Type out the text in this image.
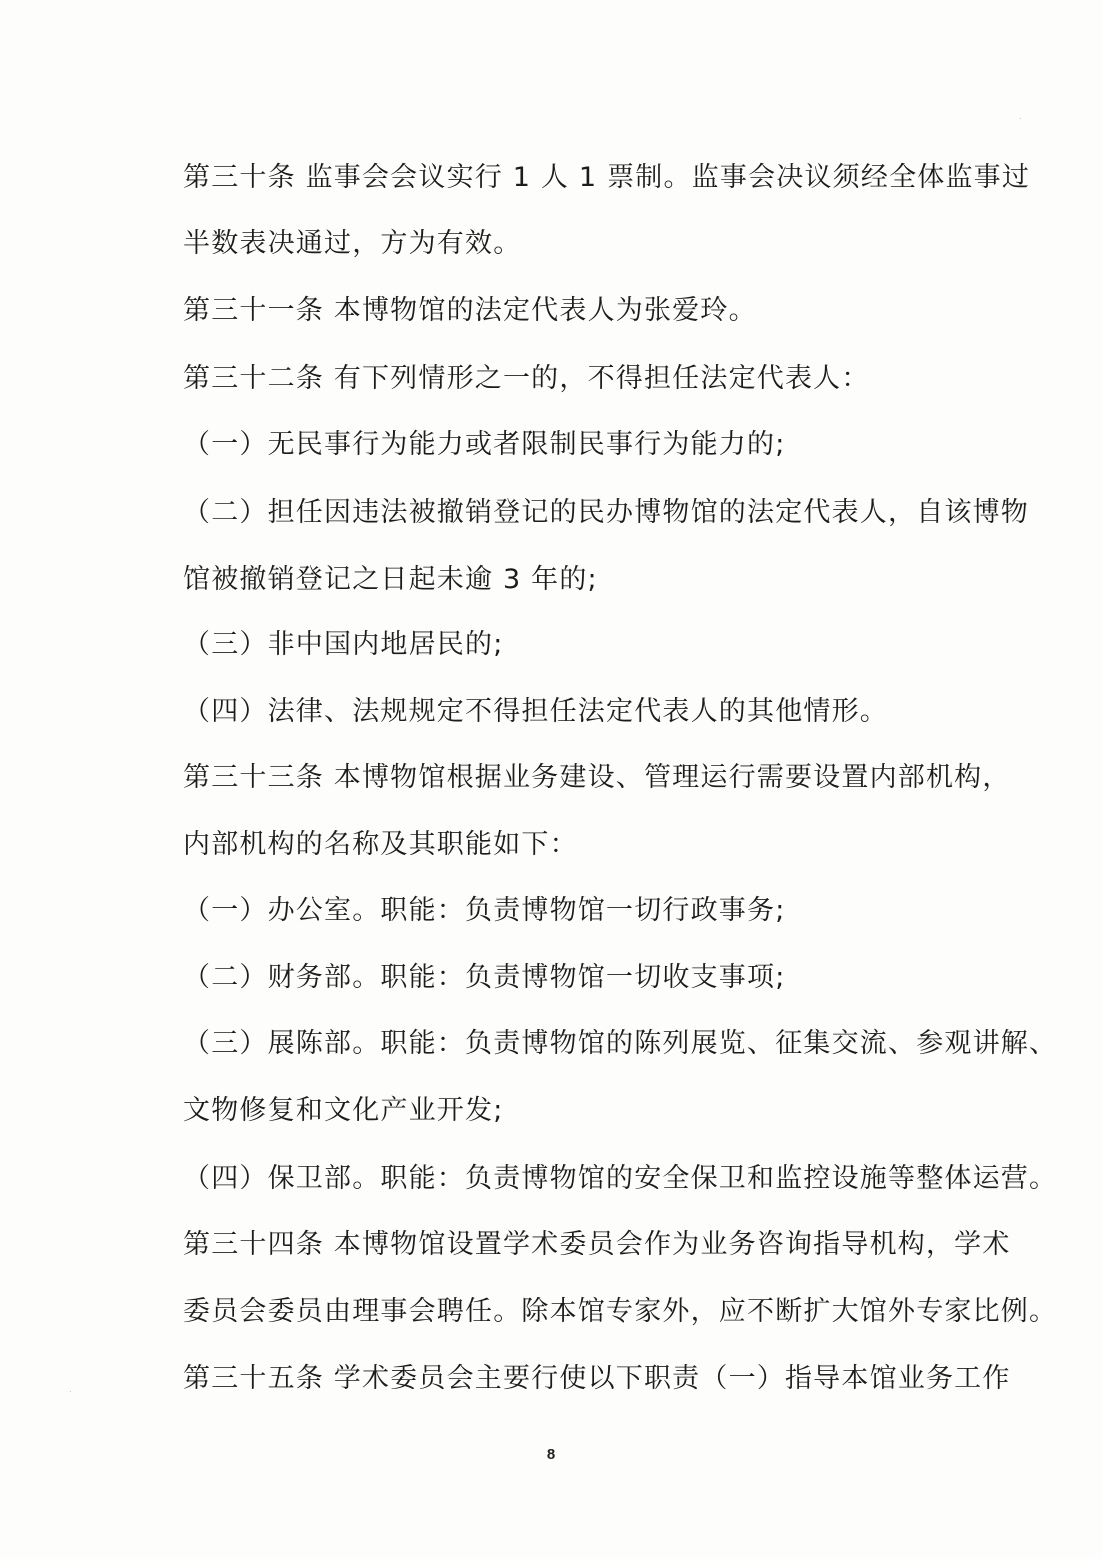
第三十条 监事会会议实行 1 人 1 票制。监事会决议须经全体监事过
半数表决通过，方为有效。
第三十一条 本博物馆的法定代表人为张爱玲。
第三十二条 有下列情形之一的，不得担任法定代表人：
（一）无民事行为能力或者限制民事行为能力的;
（二）担任因违法被撤销登记的民办博物馆的法定代表人，自该博物
馆被撤销登记之日起未逾 3 年的;
（三）非中国内地居民的;
（四）法律、法规规定不得担任法定代表人的其他情形。
第三十三条 本博物馆根据业务建设、管理运行需要设置内部机构，
内部机构的名称及其职能如下：
（一）办公室。职能：负责博物馆一切行政事务;
（二）财务部。职能：负责博物馆一切收支事项;
（三）展陈部。职能：负责博物馆的陈列展览、征集交流、参观讲解、
文物修复和文化产业开发;
（四）保卫部。职能：负责博物馆的安全保卫和监控设施等整体运营。
第三十四条 本博物馆设置学术委员会作为业务咨询指导机构，学术
委员会委员由理事会聘任。除本馆专家外，应不断扩大馆外专家比例。
第三十五条 学术委员会主要行使以下职责（一）指导本馆业务工作
8
